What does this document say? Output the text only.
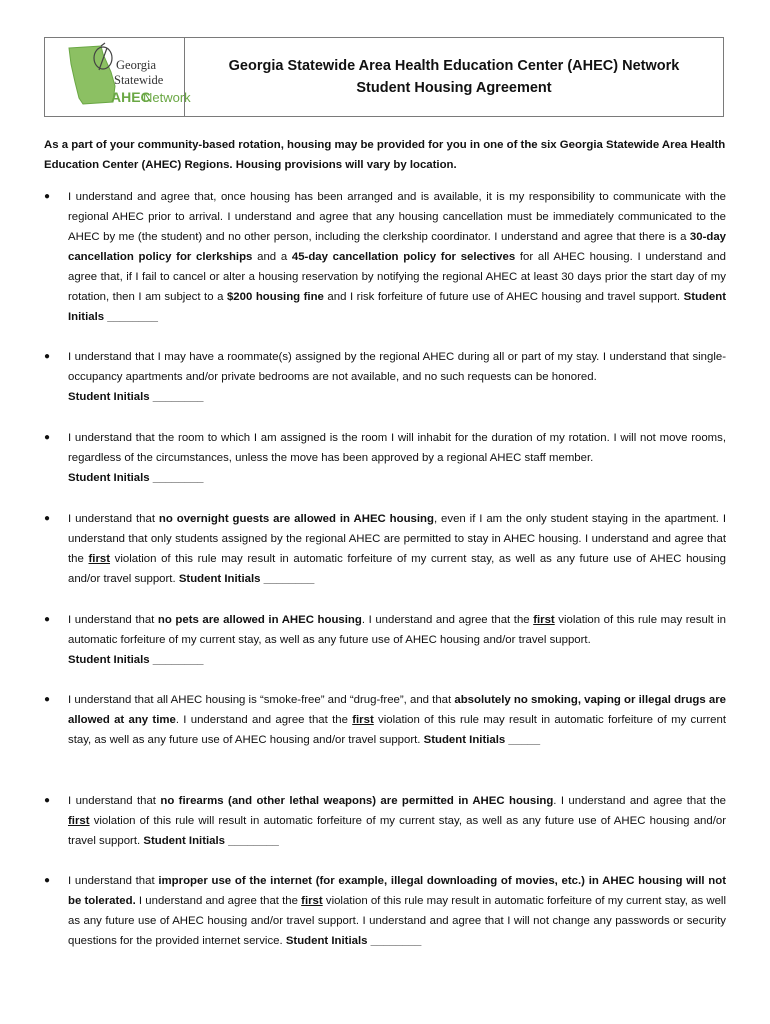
Georgia
Statewide
AHEC
Network
Georgia Statewide Area Health Education Center (AHEC) Network
Student Housing Agreement
As a part of your community-based rotation, housing may be provided for you in one of the six Georgia Statewide Area Health Education Center (AHEC) Regions. Housing provisions will vary by location.
●	I understand and agree that, once housing has been arranged and is available, it is my responsibility to communicate with the regional AHEC prior to arrival. I understand and agree that any housing cancellation must be immediately communicated to the AHEC by me (the student) and no other person, including the clerkship coordinator. I understand and agree that there is a 30-day cancellation policy for clerkships and a 45-day cancellation policy for selectives for all AHEC housing. I understand and agree that, if I fail to cancel or alter a housing reservation by notifying the regional AHEC at least 30 days prior the start day of my rotation, then I am subject to a $200 housing fine and I risk forfeiture of future use of AHEC housing and travel support. Student Initials ________
●	I understand that I may have a roommate(s) assigned by the regional AHEC during all or part of my stay. I understand that single-occupancy apartments and/or private bedrooms are not available, and no such requests can be honored.
Student Initials ________
●	I understand that the room to which I am assigned is the room I will inhabit for the duration of my rotation. I will not move rooms, regardless of the circumstances, unless the move has been approved by a regional AHEC staff member.
Student Initials ________
●	I understand that no overnight guests are allowed in AHEC housing, even if I am the only student staying in the apartment. I understand that only students assigned by the regional AHEC are permitted to stay in AHEC housing. I understand and agree that the first violation of this rule may result in automatic forfeiture of my current stay, as well as any future use of AHEC housing and/or travel support. Student Initials ________
●	I understand that no pets are allowed in AHEC housing. I understand and agree that the first violation of this rule may result in automatic forfeiture of my current stay, as well as any future use of AHEC housing and/or travel support.
Student Initials ________
●	I understand that all AHEC housing is “smoke-free” and “drug-free”, and that absolutely no smoking, vaping or illegal drugs are allowed at any time. I understand and agree that the first violation of this rule may result in automatic forfeiture of my current stay, as well as any future use of AHEC housing and/or travel support. Student Initials _____
●	I understand that no firearms (and other lethal weapons) are permitted in AHEC housing. I understand and agree that the first violation of this rule will result in automatic forfeiture of my current stay, as well as any future use of AHEC housing and/or travel support. Student Initials ________
●	I understand that improper use of the internet (for example, illegal downloading of movies, etc.) in AHEC housing will not be tolerated. I understand and agree that the first violation of this rule may result in automatic forfeiture of my current stay, as well as any future use of AHEC housing and/or travel support. I understand and agree that I will not change any passwords or security questions for the provided internet service. Student Initials ________
